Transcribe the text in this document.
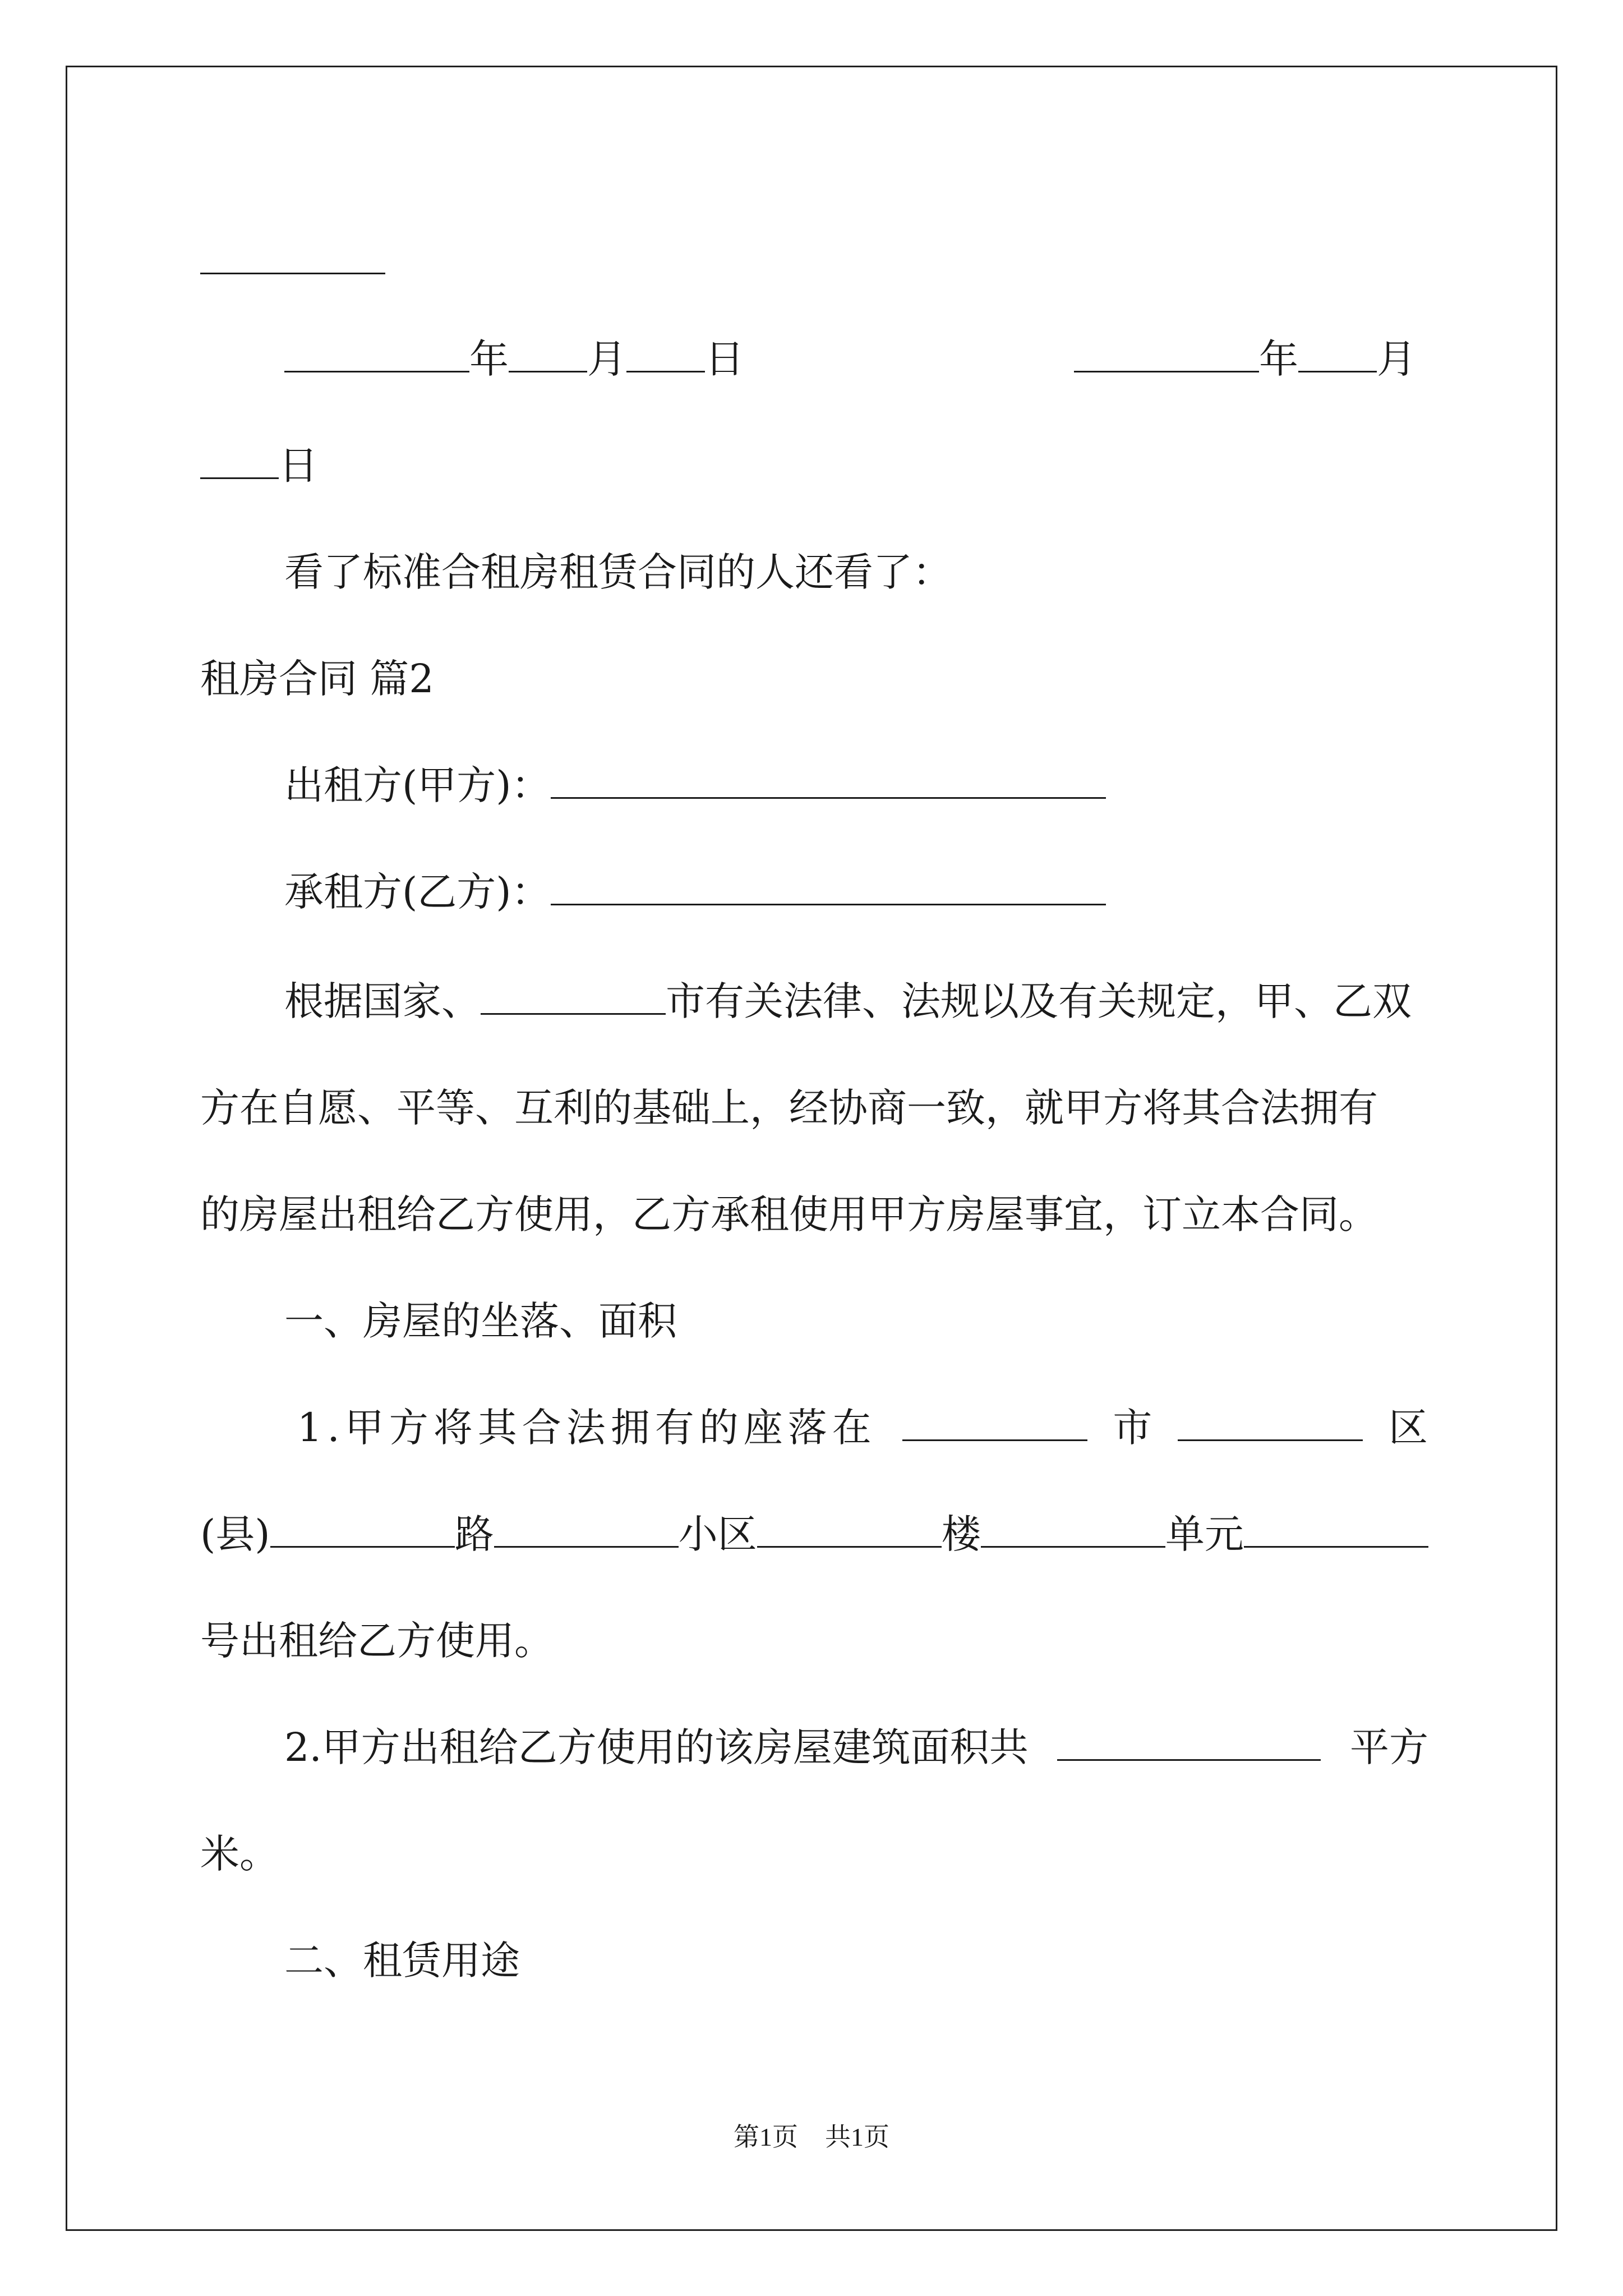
年 月 日	年 月
日
看了标准合租房租赁合同的人还看了：
租房合同 篇2
出租方(甲方)：
承租方(乙方)：
根据国家、	市有关法律、法规以及有关规定，甲、乙双
方在自愿、平等、互利的基础上，经协商一致，就甲方将其合法拥有
的房屋出租给乙方使用，乙方承租使用甲方房屋事宜，订立本合同。
一、房屋的坐落、面积
1.甲方将其合法拥有的座落在	市	区
(县)	路	小区	楼	单元
号出租给乙方使用。
2.甲方出租给乙方使用的该房屋建筑面积共	平方
米。
二、租赁用途
第1页 共1页
